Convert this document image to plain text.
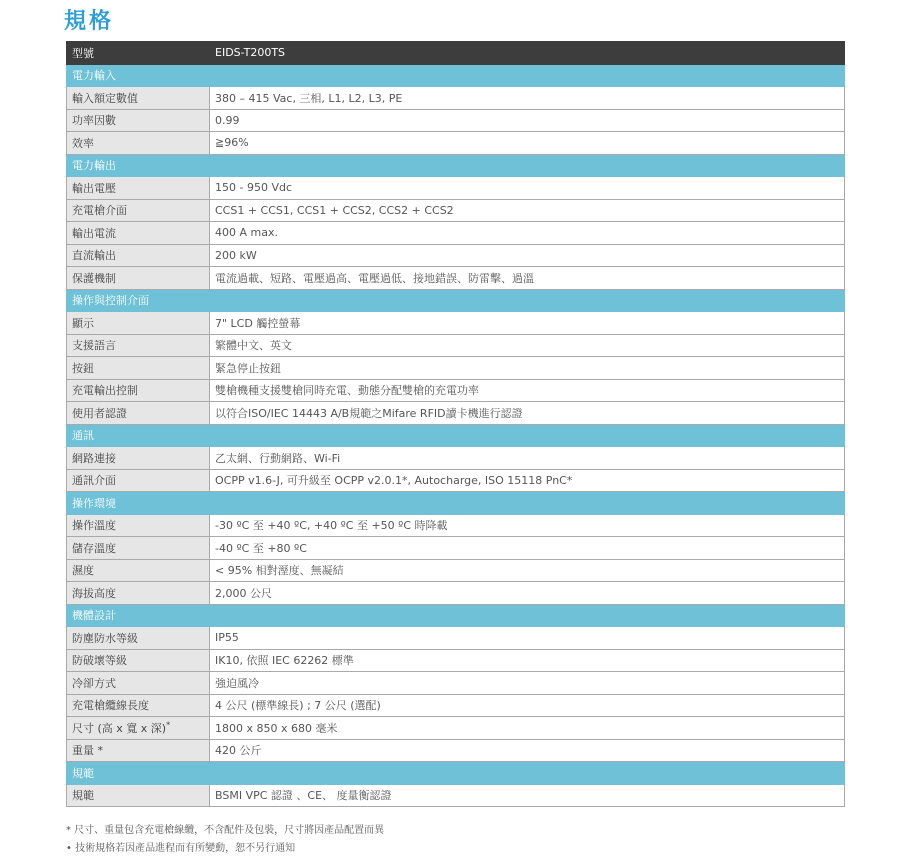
規格
型號	EIDS-T200TS
電力輸入	
輸入額定數值	380 – 415 Vac, 三相, L1, L2, L3, PE
功率因數	0.99
效率	≧96%
電力輸出	
輸出電壓	150 - 950 Vdc
充電槍介面	CCS1 + CCS1, CCS1 + CCS2, CCS2 + CCS2
輸出電流	400 A max.
直流輸出	200 kW
保護機制	電流過載、短路、電壓過高、電壓過低、接地錯誤、防雷擊、過溫
操作與控制介面	
顯示	7" LCD 觸控螢幕
支援語言	繁體中文、英文
按鈕	緊急停止按鈕
充電輸出控制	雙槍機種支援雙槍同時充電、動態分配雙槍的充電功率
使用者認證	以符合ISO/IEC 14443 A/B規範之Mifare RFID讀卡機進行認證
通訊	
網路連接	乙太網、行動網路、Wi-Fi
通訊介面	OCPP v1.6-J, 可升級至 OCPP v2.0.1*, Autocharge, ISO 15118 PnC*
操作環境	
操作溫度	-30 ºC 至 +40 ºC, +40 ºC 至 +50 ºC 時降載
儲存溫度	-40 ºC 至 +80 ºC
濕度	< 95% 相對溼度、無凝結
海拔高度	2,000 公尺
機體設計	
防塵防水等級	IP55
防破壞等級	IK10, 依照 IEC 62262 標準
冷卻方式	強迫風冷
充電槍纜線長度	4 公尺 (標準線長) ; 7 公尺 (選配)
尺寸 (高 x 寬 x 深)*	1800 x 850 x 680 毫米
重量 *	420 公斤
規範	
規範	BSMI VPC 認證 、CE、 度量衡認證
* 尺寸、重量包含充電槍線纜，不含配件及包裝，尺寸將因產品配置而異
• 技術規格若因產品進程而有所變動，恕不另行通知
